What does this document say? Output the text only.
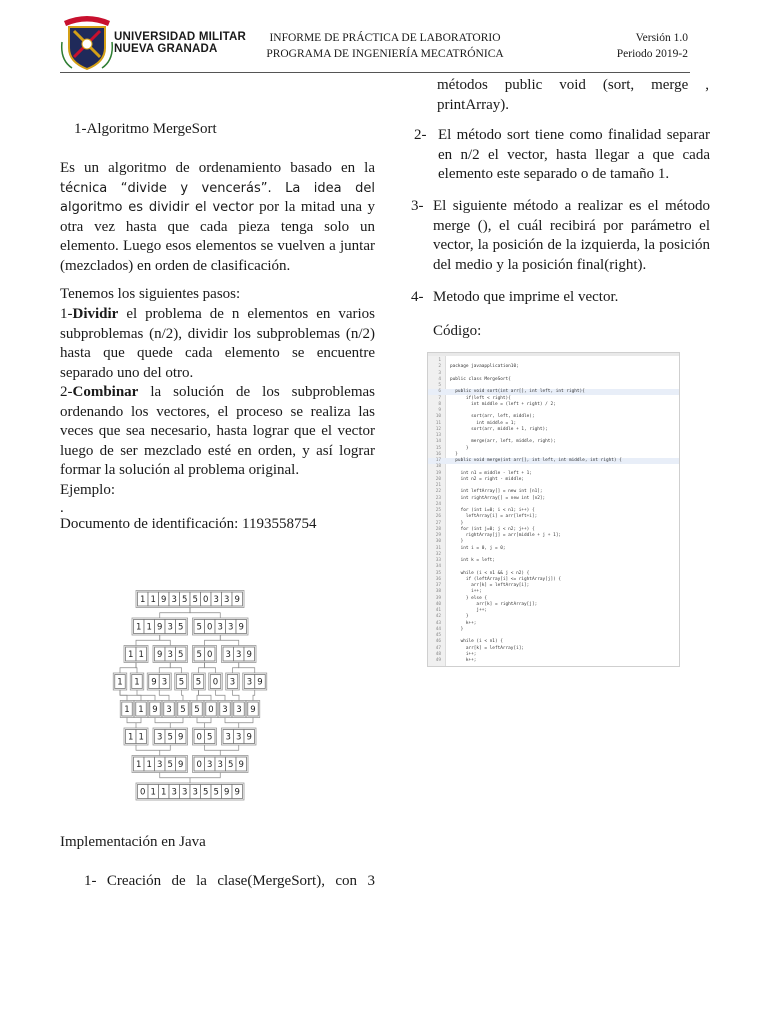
UNIVERSIDAD MILITAR
NUEVA GRANADA
INFORME DE PRÁCTICA DE LABORATORIO
PROGRAMA DE INGENIERÍA MECATRÓNICA
Versión 1.0
Periodo 2019-2
1-Algoritmo MergeSort

Es un algoritmo de ordenamiento basado en la técnica “divide y vencerás”. La idea del algoritmo es dividir el vector por la mitad una y otra vez hasta que cada pieza tenga solo un elemento. Luego esos elementos se vuelven a juntar (mezclados) en orden de clasificación.

Tenemos los siguientes pasos:

1-Dividir el problema de n elementos en varios subproblemas (n/2), dividir los subproblemas (n/2) hasta que quede cada elemento se encuentre separado uno del otro.

2-Combinar la solución de los subproblemas ordenando los vectores, el proceso se realiza las veces que sea necesario, hasta lograr que el vector luego de ser mezclado esté en orden, y así lograr formar la solución al problema original.

Ejemplo:
.
Documento de identificación: 1193558754
1 1 9 3 5 5 0 3 3 9
1 1 9 3 5 5 0 3 3 9
1 1 9 3 5 5 0 3 3 9
1 1 9 3 5 5 0 3 3 9
1 1 9 3 5 5 0 3 3 9
1 1 3 5 9 0 5 3 3 9
1 1 3 5 9 0 3 3 5 9
0 1 1 3 3 3 5 5 9 9
Implementación en Java

1- Creación de la clase(MergeSort), con 3

métodos public void (sort, merge , printArray).

2- El método sort tiene como finalidad separar en n/2 el vector, hasta llegar a que cada elemento este separado o de tamaño 1.
3- El siguiente método a realizar es el método merge (), el cuál recibirá por parámetro el vector, la posición de la izquierda, la posición del medio y la posición final(right).
4- Metodo que imprime el vector.
Código:
1
2 package javaapplication10;
3
4 public class MergeSort{
5
6 public void sort(int arr[], int left, int right){
7 if(left < right){
8 int middle = (left + right) / 2;
9
10 sort(arr, left, middle);
11 int middle = 1;
12 sort(arr, middle + 1, right);
13
14 merge(arr, left, middle, right);
15 }
16 }
17 public void merge(int arr[], int left, int middle, int right) {
18
19 int n1 = middle - left + 1;
20 int n2 = right - middle;
21
22 int leftArray[] = new int [n1];
23 int rightArray[] = new int [n2];
24
25 for (int i=0; i < n1; i++) {
26 leftArray[i] = arr[left+i];
27 }
28 for (int j=0; j < n2; j++) {
29 rightArray[j] = arr[middle + j + 1];
30 }
31 int i = 0, j = 0;
32
33 int k = left;
34
35 while (i < n1 && j < n2) {
36 if (leftArray[i] <= rightArray[j]) {
37 arr[k] = leftArray[i];
38 i++;
39 } else {
40 arr[k] = rightArray[j];
41 j++;
42 }
43 k++;
44 }
45
46 while (i < n1) {
47 arr[k] = leftArray[i];
48 i++;
49 k++;
